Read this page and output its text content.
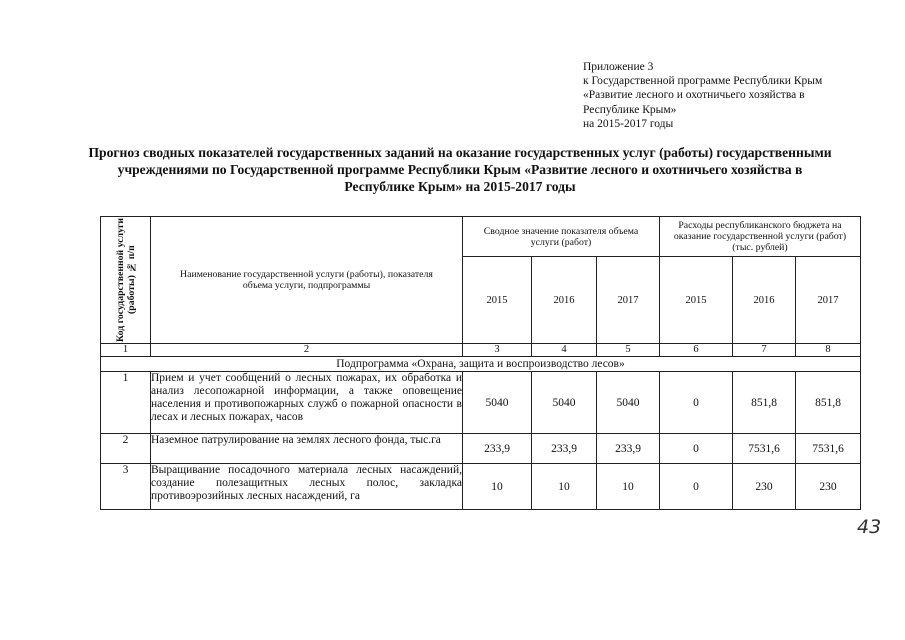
Приложение 3
к Государственной программе Республики Крым
«Развитие лесного и охотничьего хозяйства в
Республике Крым»
на 2015-2017 годы
Прогноз сводных показателей государственных заданий на оказание государственных услуг (работы) государственными
учреждениями по Государственной программе Республики Крым «Развитие лесного и охотничьего хозяйства в
Республике Крым» на 2015-2017 годы
Код государственной услуги (работы) № п/п	Наименование государственной услуги (работы), показателя объема услуги, подпрограммы	Сводное значение показателя объема услуги (работ)			Расходы республиканского бюджета на оказание государственной услуги (работ) (тыс. рублей)		
		2015	2016	2017	2015	2016	2017
1	2	3	4	5	6	7	8
Подпрограмма «Охрана, защита и воспроизводство лесов»							
1	Прием и учет сообщений о лесных пожарах, их обработка и анализ лесопожарной информации, а также оповещение населения и противопожарных служб о пожарной опасности в лесах и лесных пожарах, часов	5040	5040	5040	0	851,8	851,8
2	Наземное патрулирование на землях лесного фонда, тыс.га	233,9	233,9	233,9	0	7531,6	7531,6
3	Выращивание посадочного материала лесных насаждений, создание полезащитных лесных полос, закладка противоэрозийных лесных насаждений, га	10	10	10	0	230	230
43
